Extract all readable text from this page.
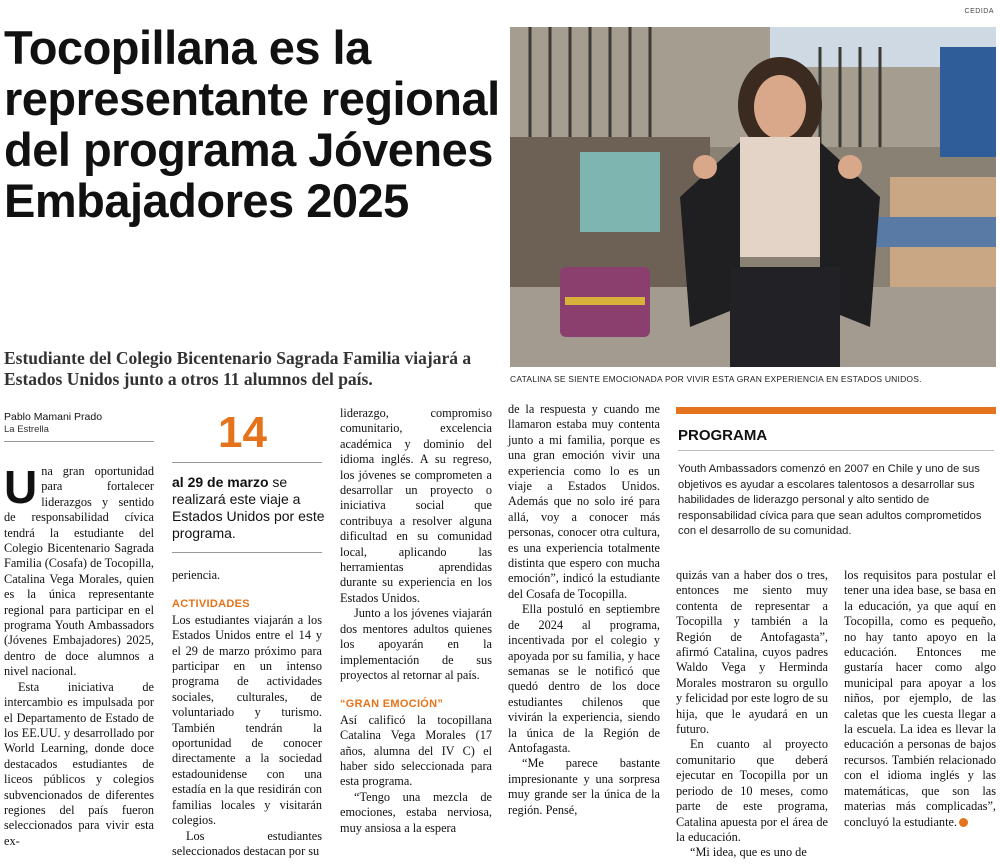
CEDIDA
Tocopillana es la representante regional del programa Jóvenes Embajadores 2025
Estudiante del Colegio Bicentenario Sagrada Familia viajará a Estados Unidos junto a otros 11 alumnos del país.	CATALINA SE SIENTE EMOCIONADA POR VIVIR ESTA GRAN EXPERIENCIA EN ESTADOS UNIDOS.
Pablo Mamani Prado
La Estrella	14
al 29 de marzo se realizará este viaje a Estados Unidos por este programa.
U na gran oportunidad para fortalecer liderazgos y sentido de responsabilidad cívica tendrá la estudiante del Colegio Bicentenario Sagrada Familia (Cosafa) de Tocopilla, Catalina Vega Morales, quien es la única representante regional para participar en el programa Youth Ambassadors (Jóvenes Embajadores) 2025, dentro de doce alumnos a nivel nacional.

Esta iniciativa de intercambio es impulsada por el Departamento de Estado de los EE.UU. y desarrollado por World Learning, donde doce destacados estudiantes de liceos públicos y colegios subvencionados de diferentes regiones del país fueron seleccionados para vivir esta ex-

periencia.

ACTIVIDADES

Los estudiantes viajarán a los Estados Unidos entre el 14 y el 29 de marzo próximo para participar en un intenso programa de actividades sociales, culturales, de voluntariado y turismo. También tendrán la oportunidad de conocer directamente a la sociedad estadounidense con una estadía en la que residirán con familias locales y visitarán colegios.

Los estudiantes seleccionados destacan por su

liderazgo, compromiso comunitario, excelencia académica y dominio del idioma inglés. A su regreso, los jóvenes se comprometen a desarrollar un proyecto o iniciativa social que contribuya a resolver alguna dificultad en su comunidad local, aplicando las herramientas aprendidas durante su experiencia en los Estados Unidos.

Junto a los jóvenes viajarán dos mentores adultos quienes los apoyarán en la implementación de sus proyectos al retornar al país.

“GRAN EMOCIÓN”

Así calificó la tocopillana Catalina Vega Morales (17 años, alumna del IV C) el haber sido seleccionada para esta programa.

“Tengo una mezcla de emociones, estaba nerviosa, muy ansiosa a la espera

de la respuesta y cuando me llamaron estaba muy contenta junto a mi familia, porque es una gran emoción vivir una experiencia como lo es un viaje a Estados Unidos. Además que no solo iré para allá, voy a conocer más personas, conocer otra cultura, es una experiencia totalmente distinta que espero con mucha emoción”, indicó la estudiante del Cosafa de Tocopilla.

Ella postuló en septiembre de 2024 al programa, incentivada por el colegio y apoyada por su familia, y hace semanas se le notificó que quedó dentro de los doce estudiantes chilenos que vivirán la experiencia, siendo la única de la Región de Antofagasta.

“Me parece bastante impresionante y una sorpresa muy grande ser la única de la región. Pensé,

PROGRAMA
Youth Ambassadors comenzó en 2007 en Chile y uno de sus objetivos es ayudar a escolares talentosos a desarrollar sus habilidades de liderazgo personal y alto sentido de responsabilidad cívica para que sean adultos comprometidos con el desarrollo de su comunidad.

quizás van a haber dos o tres, entonces me siento muy contenta de representar a Tocopilla y también a la Región de Antofagasta”, afirmó Catalina, cuyos padres Waldo Vega y Herminda Morales mostraron su orgullo y felicidad por este logro de su hija, que le ayudará en un futuro.

En cuanto al proyecto comunitario que deberá ejecutar en Tocopilla por un periodo de 10 meses, como parte de este programa, Catalina apuesta por el área de la educación.

“Mi idea, que es uno de

los requisitos para postular el tener una idea base, se basa en la educación, ya que aquí en Tocopilla, como es pequeño, no hay tanto apoyo en la educación. Entonces me gustaría hacer como algo municipal para apoyar a los niños, por ejemplo, de las caletas que les cuesta llegar a la escuela. La idea es llevar la educación a personas de bajos recursos. También relacionado con el idioma inglés y las matemáticas, que son las materias más complicadas”, concluyó la estudiante.
